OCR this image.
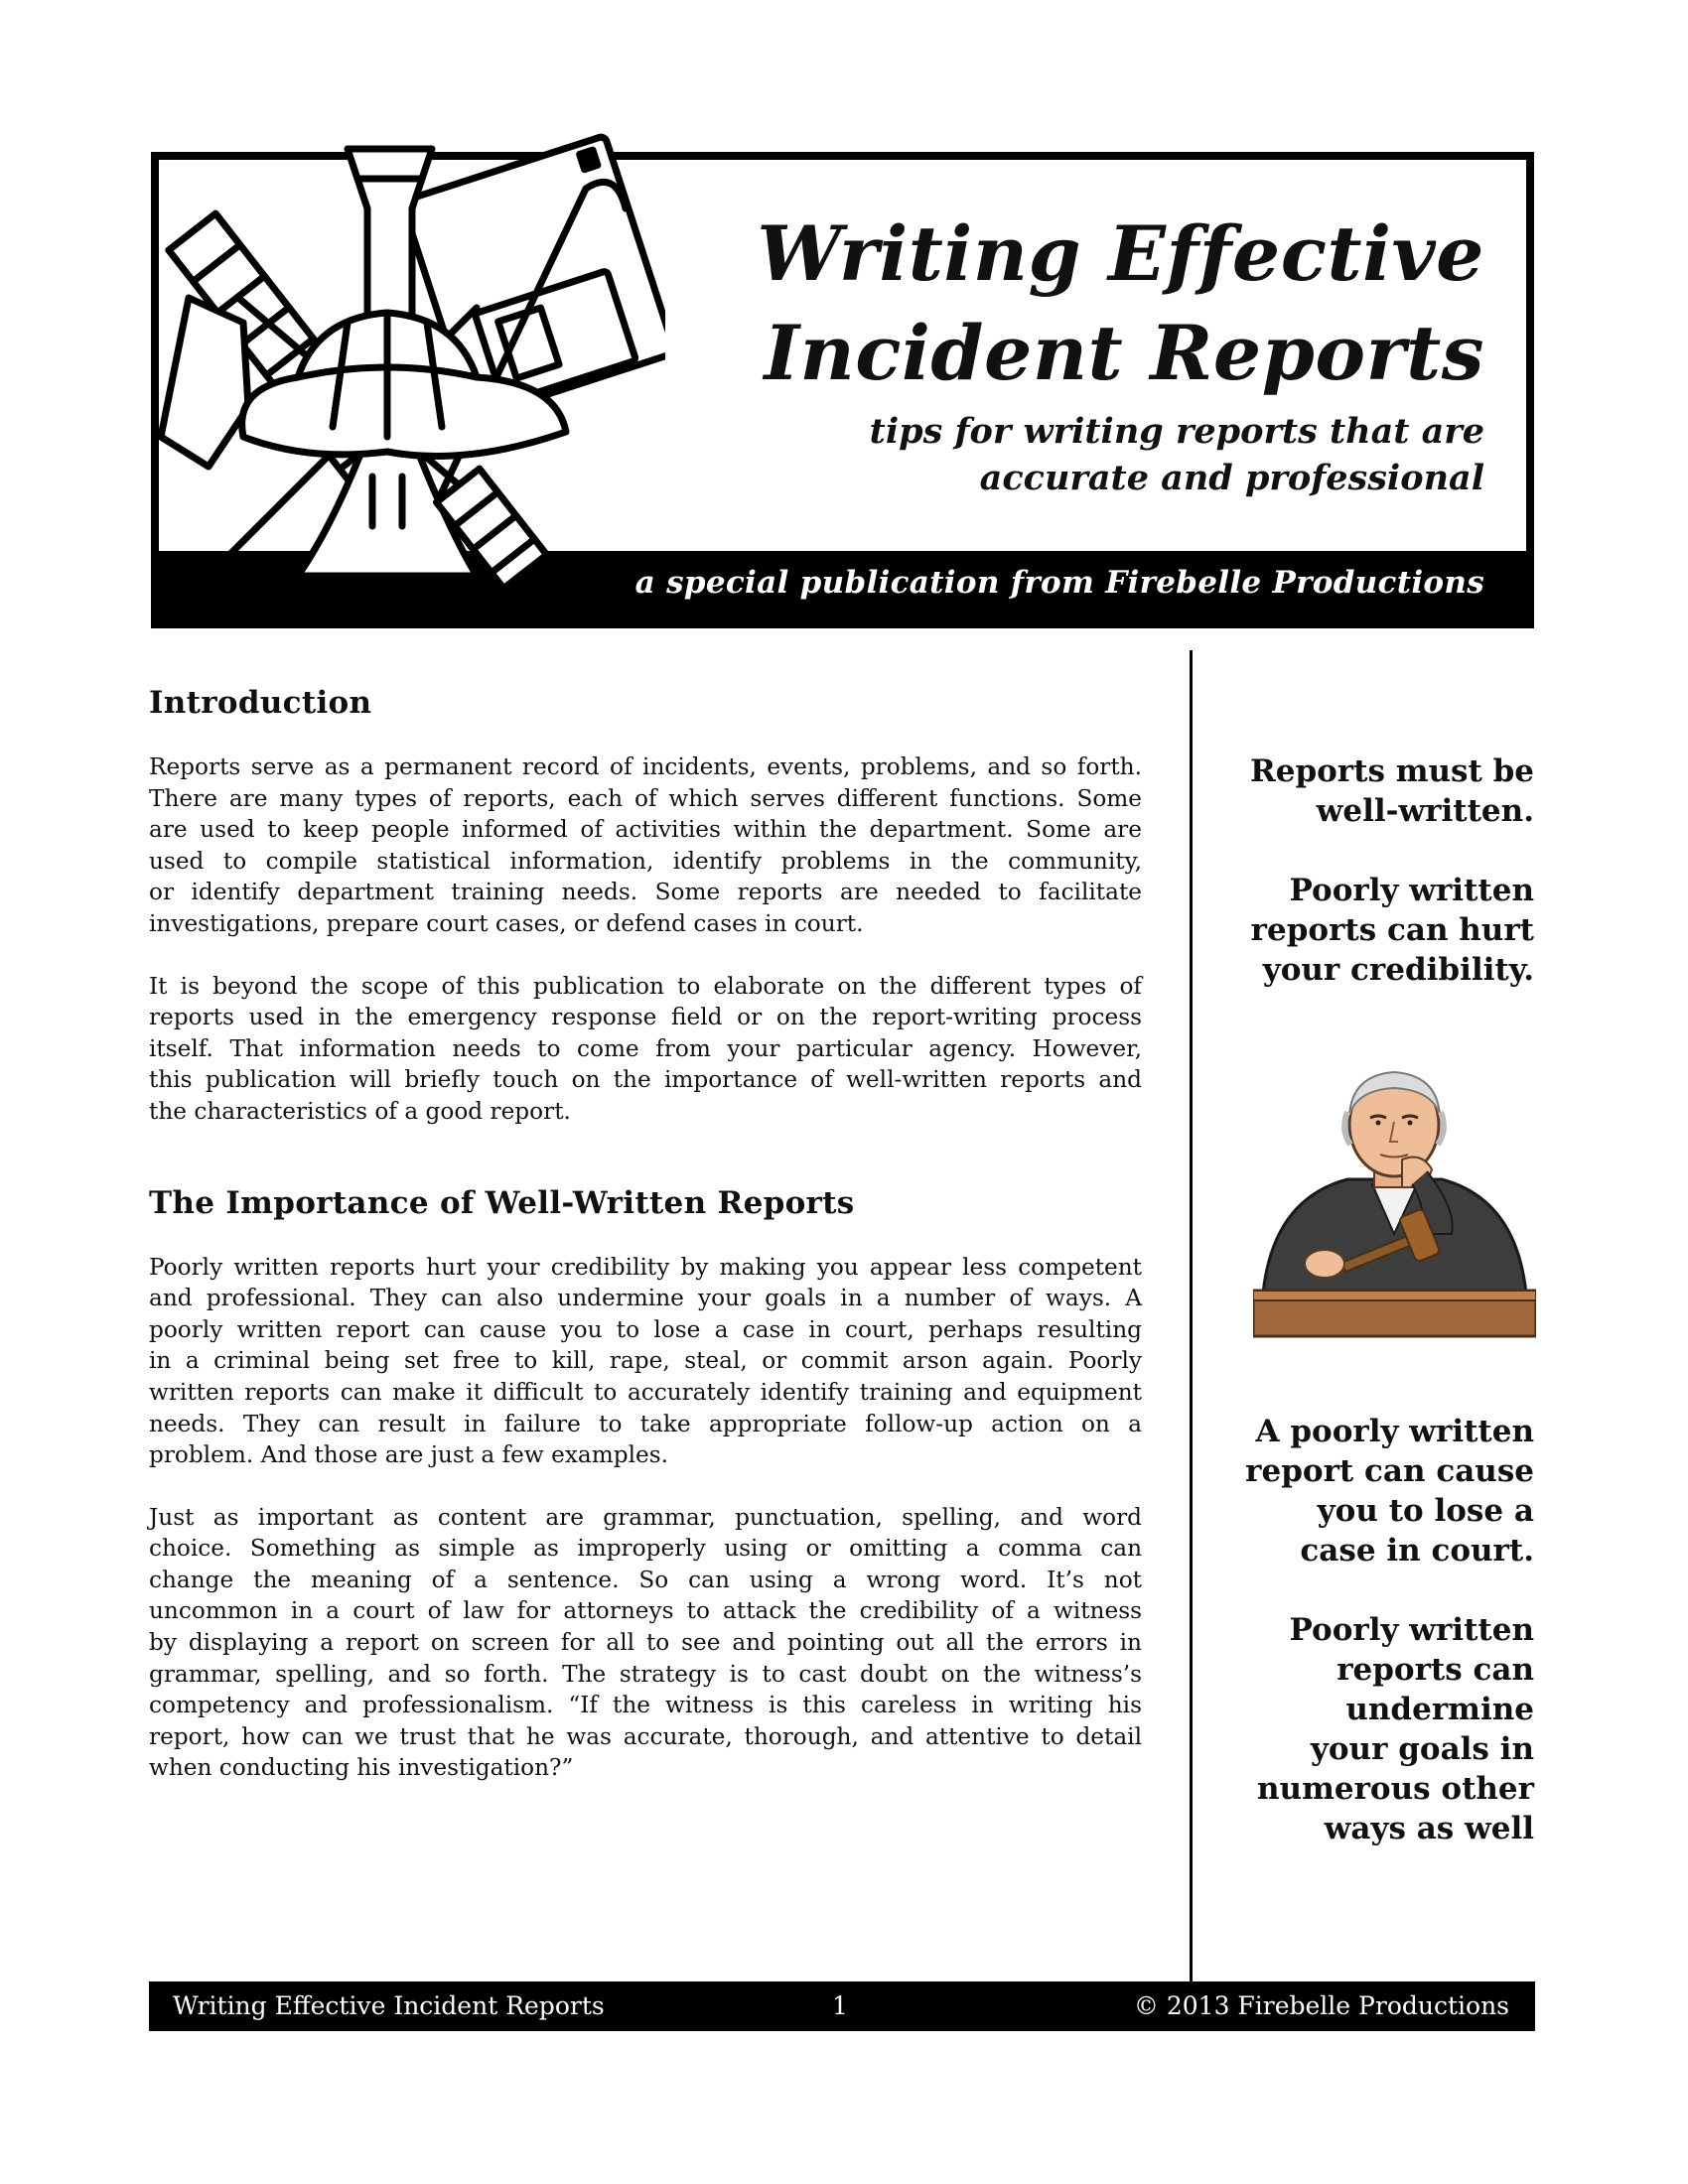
Writing Effective
Incident Reports
tips for writing reports that are
accurate and professional
a special publication from Firebelle Productions
Introduction

Reports serve as a permanent record of incidents, events, problems, and so forth.
There are many types of reports, each of which serves different functions. Some
are used to keep people informed of activities within the department. Some are
used to compile statistical information, identify problems in the community,
or identify department training needs. Some reports are needed to facilitate
investigations, prepare court cases, or defend cases in court.

It is beyond the scope of this publication to elaborate on the different types of
reports used in the emergency response field or on the report-writing process
itself. That information needs to come from your particular agency. However,
this publication will briefly touch on the importance of well-written reports and
the characteristics of a good report.

The Importance of Well-Written Reports

Poorly written reports hurt your credibility by making you appear less competent
and professional. They can also undermine your goals in a number of ways. A
poorly written report can cause you to lose a case in court, perhaps resulting
in a criminal being set free to kill, rape, steal, or commit arson again. Poorly
written reports can make it difficult to accurately identify training and equipment
needs. They can result in failure to take appropriate follow-up action on a
problem. And those are just a few examples.

Just as important as content are grammar, punctuation, spelling, and word
choice. Something as simple as improperly using or omitting a comma can
change the meaning of a sentence. So can using a wrong word. It’s not
uncommon in a court of law for attorneys to attack the credibility of a witness
by displaying a report on screen for all to see and pointing out all the errors in
grammar, spelling, and so forth. The strategy is to cast doubt on the witness’s
competency and professionalism. “If the witness is this careless in writing his
report, how can we trust that he was accurate, thorough, and attentive to detail
when conducting his investigation?”

Reports must be
well-written.
Poorly written
reports can hurt
your credibility.
A poorly written
report can cause
you to lose a
case in court.
Poorly written
reports can
undermine
your goals in
numerous other
ways as well
Writing Effective Incident Reports	1	© 2013 Firebelle Productions
